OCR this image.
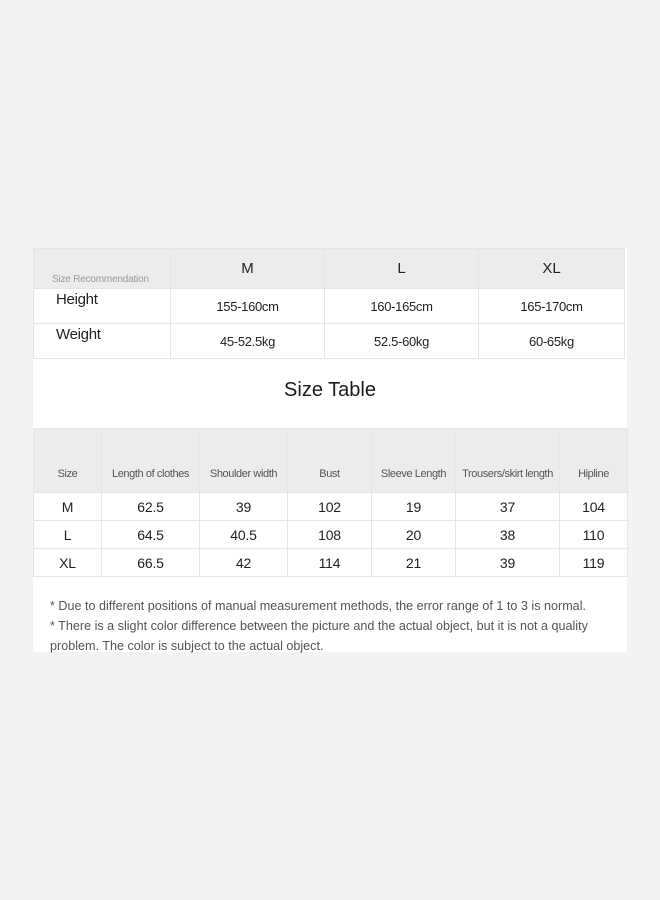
Size Recommendation	M	L	XL
Height	155-160cm	160-165cm	165-170cm
Weight	45-52.5kg	52.5-60kg	60-65kg
Size Table
Size	Length of clothes	Shoulder width	Bust	Sleeve Length	Trousers/skirt length	Hipline
M	62.5	39	102	19	37	104
L	64.5	40.5	108	20	38	110
XL	66.5	42	114	21	39	119

* Due to different positions of manual measurement methods, the error range of 1 to 3 is normal.

* There is a slight color difference between the picture and the actual object, but it is not a quality problem. The color is subject to the actual object.
